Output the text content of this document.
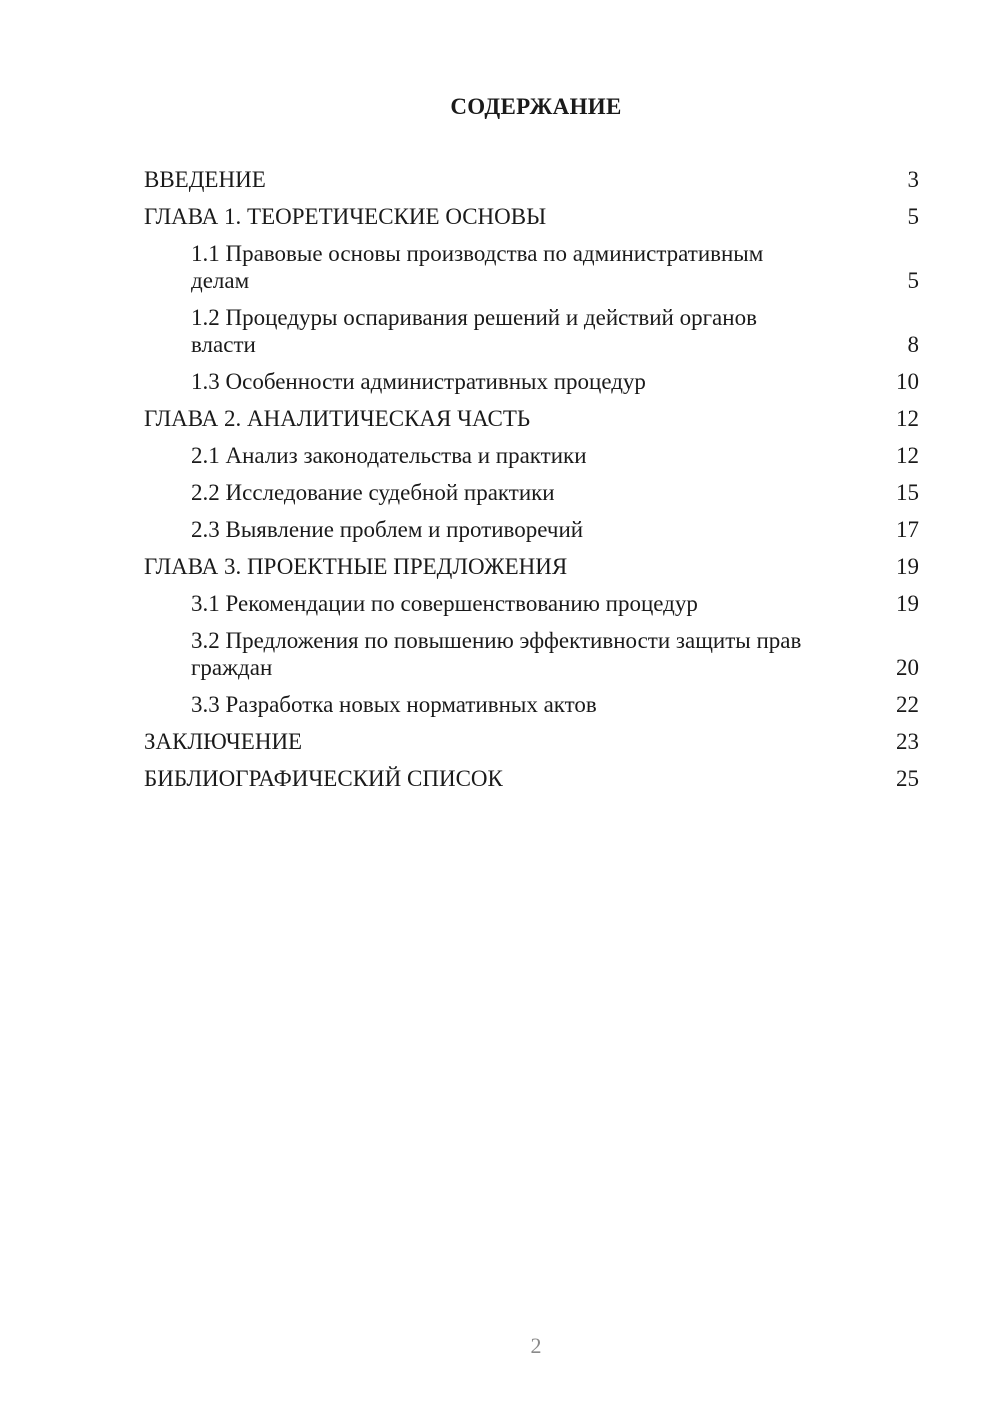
СОДЕРЖАНИЕ
ВВЕДЕНИЕ	3
ГЛАВА 1. ТЕОРЕТИЧЕСКИЕ ОСНОВЫ	5
1.1 Правовые основы производства по административным делам	5
1.2 Процедуры оспаривания решений и действий органов власти	8
1.3 Особенности административных процедур	10
ГЛАВА 2. АНАЛИТИЧЕСКАЯ ЧАСТЬ	12
2.1 Анализ законодательства и практики	12
2.2 Исследование судебной практики	15
2.3 Выявление проблем и противоречий	17
ГЛАВА 3. ПРОЕКТНЫЕ ПРЕДЛОЖЕНИЯ	19
3.1 Рекомендации по совершенствованию процедур	19
3.2 Предложения по повышению эффективности защиты прав граждан	20
3.3 Разработка новых нормативных актов	22
ЗАКЛЮЧЕНИЕ	23
БИБЛИОГРАФИЧЕСКИЙ СПИСОК	25
2
